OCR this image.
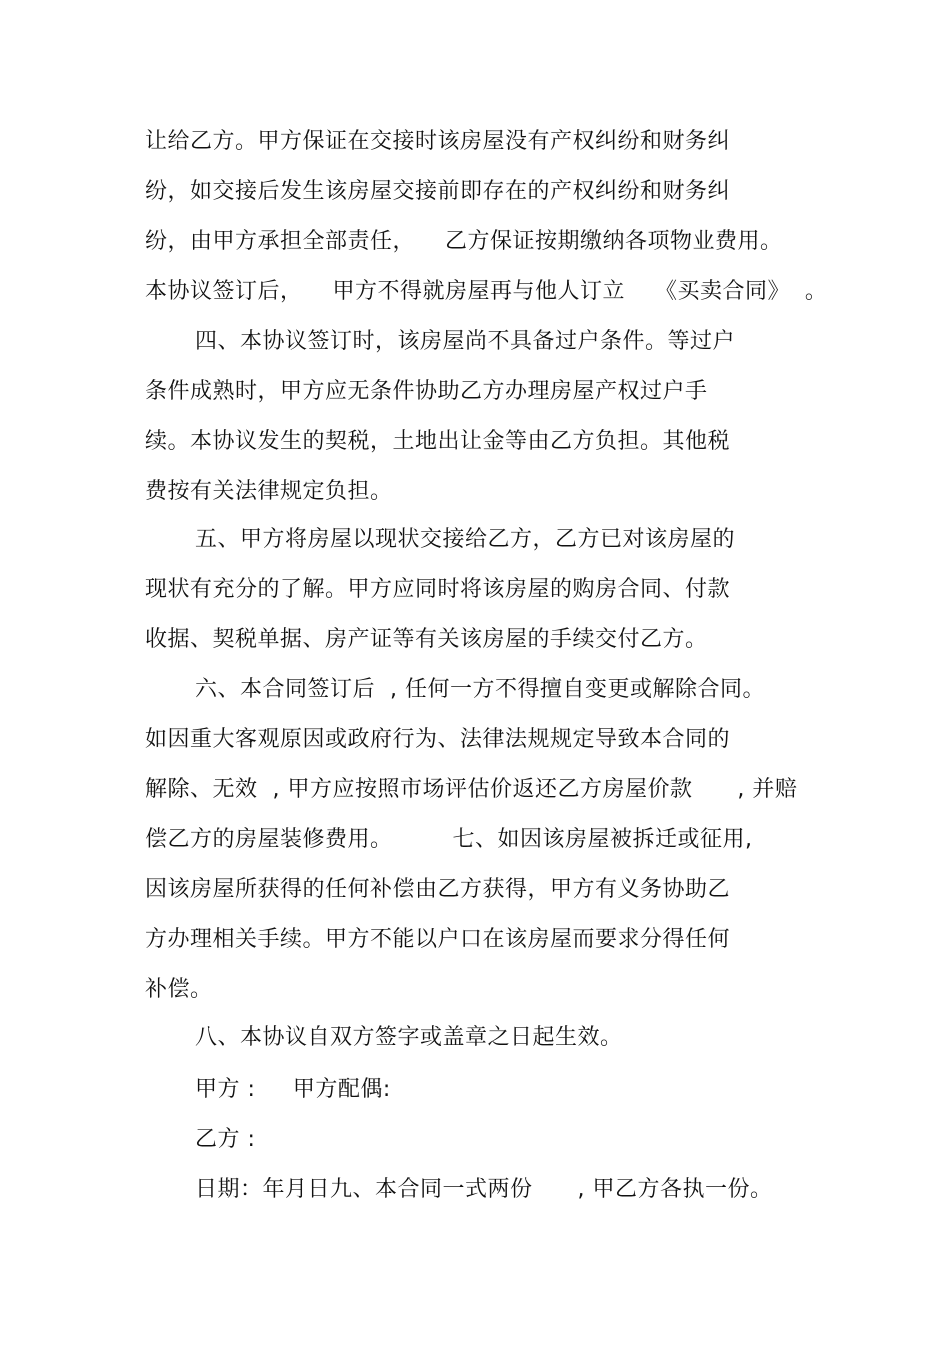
让给乙方。甲方保证在交接时该房屋没有产权纠纷和财务纠
纷，如交接后发生该房屋交接前即存在的产权纠纷和财务纠
纷，由甲方承担全部责任，    乙方保证按期缴纳各项物业费用。
本协议签订后，    甲方不得就房屋再与他人订立    《买卖合同》  。
四、本协议签订时，该房屋尚不具备过户条件。等过户
条件成熟时，甲方应无条件协助乙方办理房屋产权过户手
续。本协议发生的契税，土地出让金等由乙方负担。其他税
费按有关法律规定负担。
五、甲方将房屋以现状交接给乙方，乙方已对该房屋的
现状有充分的了解。甲方应同时将该房屋的购房合同、付款
收据、契税单据、房产证等有关该房屋的手续交付乙方。
六、本合同签订后  , 任何一方不得擅自变更或解除合同。
如因重大客观原因或政府行为、法律法规规定导致本合同的
解除、无效  , 甲方应按照市场评估价返还乙方房屋价款      , 并赔
偿乙方的房屋装修费用。        七、如因该房屋被拆迁或征用,
因该房屋所获得的任何补偿由乙方获得，甲方有义务协助乙
方办理相关手续。甲方不能以户口在该房屋而要求分得任何
补偿。
八、本协议自双方签字或盖章之日起生效。
甲方 :     甲方配偶:
乙方 :
日期：年月日九、本合同一式两份      , 甲乙方各执一份。
